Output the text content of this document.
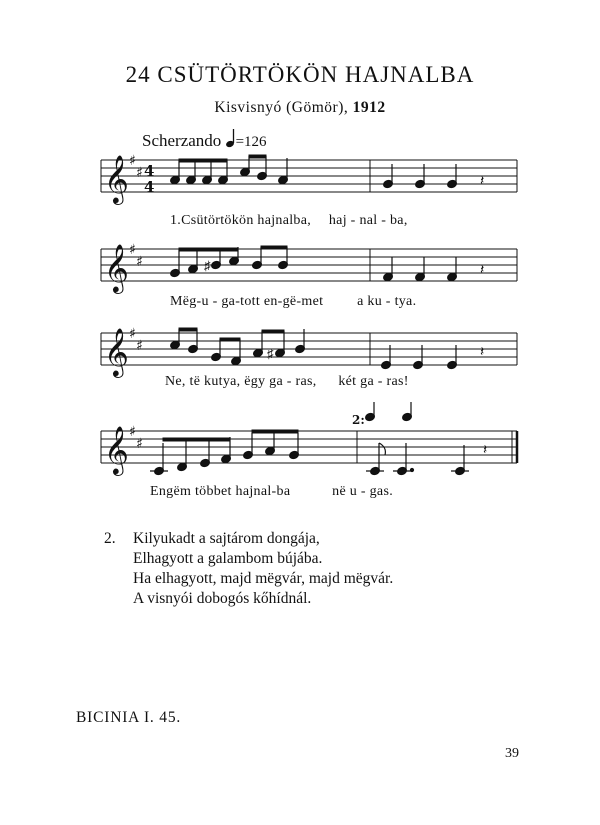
24 CSÜTÖRTÖKÖN HAJNALBA
Kisvisnyó (Gömör), 1912
Scherzando =126
𝄞
𝄞
𝄞
𝄞
♯
♯
♯
♯
♯
♯
♯
♯
4
4
2:
𝄽
♯	𝄽
♯	𝄽
𝄽
1.Csütörtökön hajnalba, haj - nal - ba,
Mëg-u - ga-tott en-gë-met a ku - tya.
Ne, të kutya, ëgy ga - ras, két ga - ras!
Engëm többet hajnal-ba	në u - gas.
2.	Kilyukadt a sajtárom dongája,
Elhagyott a galambom bújába.
Ha elhagyott, majd mëgvár, majd mëgvár.
A visnyói dobogós kőhídnál.
BICINIA I. 45.
39
